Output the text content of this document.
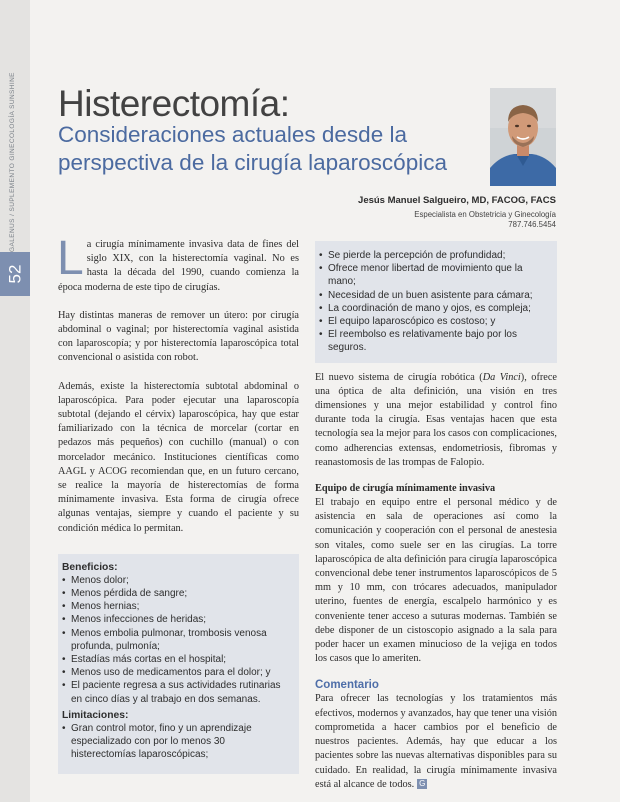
GALENUS / SUPLEMENTO GINECOLOGÍA SUNSHINE
52
Histerectomía:
Consideraciones actuales desde la perspectiva de la cirugía laparoscópica
Jesús Manuel Salgueiro, MD, FACOG, FACS
Especialista en Obstetricia y Ginecología
787.746.5454

La cirugía mínimamente invasiva data de fines del siglo XIX, con la histerectomía vaginal. No es hasta la década del 1990, cuando comienza la época moderna de este tipo de cirugías.

Hay distintas maneras de remover un útero: por cirugía abdominal o vaginal; por histerectomía vaginal asistida con laparoscopía; y por histerectomía laparoscópica total convencional o asistida con robot.

Además, existe la histerectomía subtotal abdominal o laparoscópica. Para poder ejecutar una laparoscopía subtotal (dejando el cérvix) laparoscópica, hay que estar familiarizado con la técnica de morcelar (cortar en pedazos más pequeños) con cuchillo (manual) o con morcelador mecánico. Instituciones científicas como AAGL y ACOG recomiendan que, en un futuro cercano, se realice la mayoría de histerectomías de forma mínimamente invasiva. Esta forma de cirugía ofrece algunas ventajas, siempre y cuando el paciente y su condición médica lo permitan.

Beneficios:
• Menos dolor;
• Menos pérdida de sangre;
• Menos hernias;
• Menos infecciones de heridas;
• Menos embolia pulmonar, trombosis venosa profunda, pulmonía;
• Estadías más cortas en el hospital;
• Menos uso de medicamentos para el dolor; y
• El paciente regresa a sus actividades rutinarias en cinco días y al trabajo en dos semanas.
Limitaciones:
• Gran control motor, fino y un aprendizaje especializado con por lo menos 30 histerectomías laparoscópicas;
• Se pierde la percepción de profundidad;
• Ofrece menor libertad de movimiento que la mano;
• Necesidad de un buen asistente para cámara;
• La coordinación de mano y ojos, es compleja;
• El equipo laparoscópico es costoso; y
• El reembolso es relativamente bajo por los seguros.

El nuevo sistema de cirugía robótica (Da Vinci), ofrece una óptica de alta definición, una visión en tres dimensiones y una mejor estabilidad y control fino durante toda la cirugía. Esas ventajas hacen que esta tecnología sea la mejor para los casos con complicaciones, como adherencias extensas, endometriosis, fibromas y reanastomosis de las trompas de Falopio.

Equipo de cirugía mínimamente invasiva

El trabajo en equipo entre el personal médico y de asistencia en sala de operaciones así como la comunicación y cooperación con el personal de anestesia son vitales, como suele ser en las cirugías. La torre laparoscópica de alta definición para cirugía laparoscópica convencional debe tener instrumentos laparoscópicos de 5 mm y 10 mm, con trócares adecuados, manipulador uterino, fuentes de energía, escalpelo harmónico y es conveniente tener acceso a suturas modernas. También se debe disponer de un cistoscopio asignado a la sala para poder hacer un examen minucioso de la vejiga en todos los casos que lo ameriten.

Comentario

Para ofrecer las tecnologías y los tratamientos más efectivos, modernos y avanzados, hay que tener una visión comprometida a hacer cambios por el beneficio de nuestros pacientes. Además, hay que educar a los pacientes sobre las nuevas alternativas disponibles para su cuidado. En realidad, la cirugía mínimamente invasiva está al alcance de todos. G
